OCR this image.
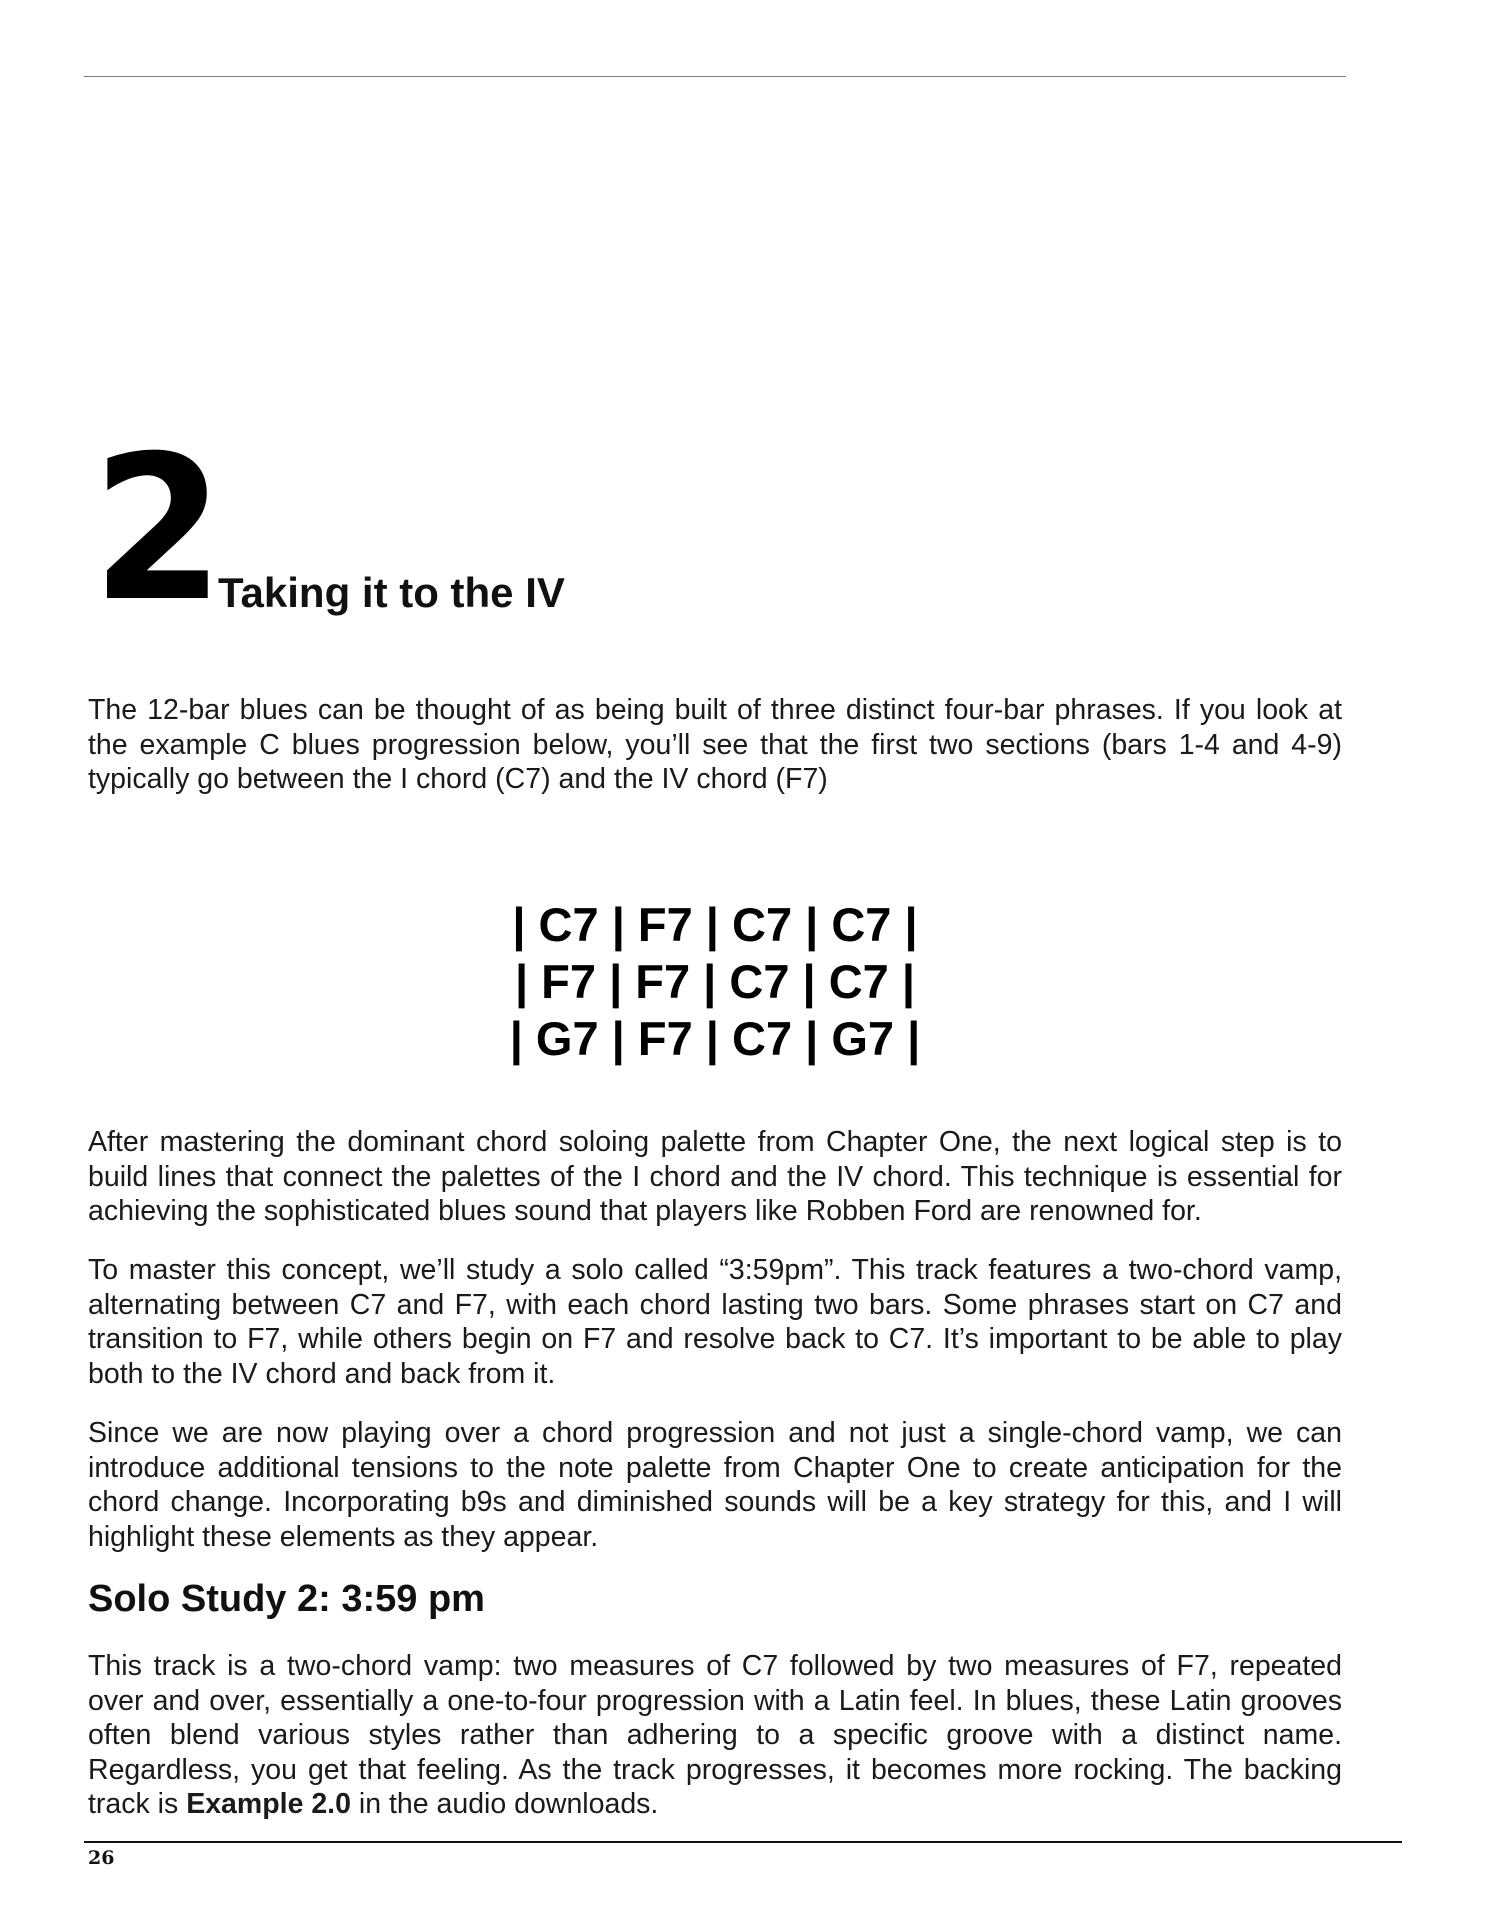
2 Taking it to the IV

The 12-bar blues can be thought of as being built of three distinct four-bar phrases. If you look at the example C blues progression below, you’ll see that the first two sections (bars 1-4 and 4-9) typically go between the I chord (C7) and the IV chord (F7)

| C7 | F7 | C7 | C7 |
| F7 | F7 | C7 | C7 |
| G7 | F7 | C7 | G7 |

After mastering the dominant chord soloing palette from Chapter One, the next logical step is to build lines that connect the palettes of the I chord and the IV chord. This technique is essential for achieving the sophisticated blues sound that players like Robben Ford are renowned for.

To master this concept, we’ll study a solo called “3:59pm”. This track features a two-chord vamp, alternating between C7 and F7, with each chord lasting two bars. Some phrases start on C7 and transition to F7, while others begin on F7 and resolve back to C7. It’s important to be able to play both to the IV chord and back from it.

Since we are now playing over a chord progression and not just a single-chord vamp, we can introduce additional tensions to the note palette from Chapter One to create anticipation for the chord change. Incorporating b9s and diminished sounds will be a key strategy for this, and I will highlight these elements as they appear.

Solo Study 2: 3:59 pm

This track is a two-chord vamp: two measures of C7 followed by two measures of F7, repeated over and over, essentially a one-to-four progression with a Latin feel. In blues, these Latin grooves often blend various styles rather than adhering to a specific groove with a distinct name. Regardless, you get that feeling. As the track progresses, it becomes more rocking. The backing track is Example 2.0 in the audio downloads.

26
